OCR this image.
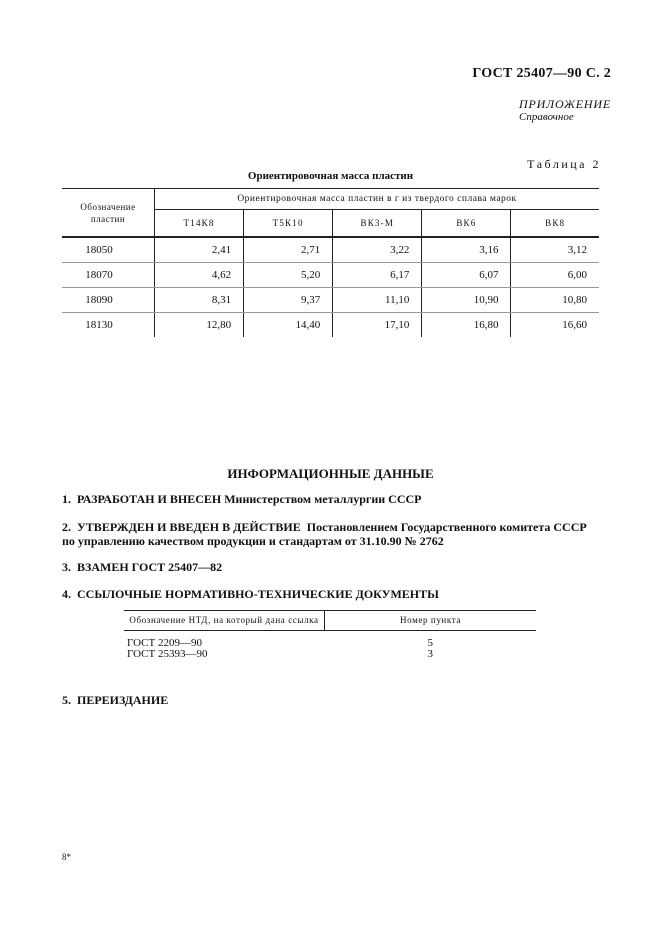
ГОСТ 25407—90 С. 2
ПРИЛОЖЕНИЕ
Справочное
Таблица 2
Ориентировочная масса пластин
Обозначение пластин	Ориентировочная масса пластин в г из твердого сплава марок				
	Т14К8	Т5К10	ВК3-М	ВК6	ВК8
18050	2,41	2,71	3,22	3,16	3,12
18070	4,62	5,20	6,17	6,07	6,00
18090	8,31	9,37	11,10	10,90	10,80
18130	12,80	14,40	17,10	16,80	16,60
ИНФОРМАЦИОННЫЕ ДАННЫЕ
1. РАЗРАБОТАН И ВНЕСЕН Министерством металлургии СССР
2. УТВЕРЖДЕН И ВВЕДЕН В ДЕЙСТВИЕ Постановлением Государственного комитета СССР по управлению качеством продукции и стандартам от 31.10.90 № 2762
3. ВЗАМЕН ГОСТ 25407—82
4. ССЫЛОЧНЫЕ НОРМАТИВНО-ТЕХНИЧЕСКИЕ ДОКУМЕНТЫ
Обозначение НТД, на который дана ссылка	Номер пункта
ГОСТ 2209—90	5
ГОСТ 25393—90	3
5. ПЕРЕИЗДАНИЕ
8*
